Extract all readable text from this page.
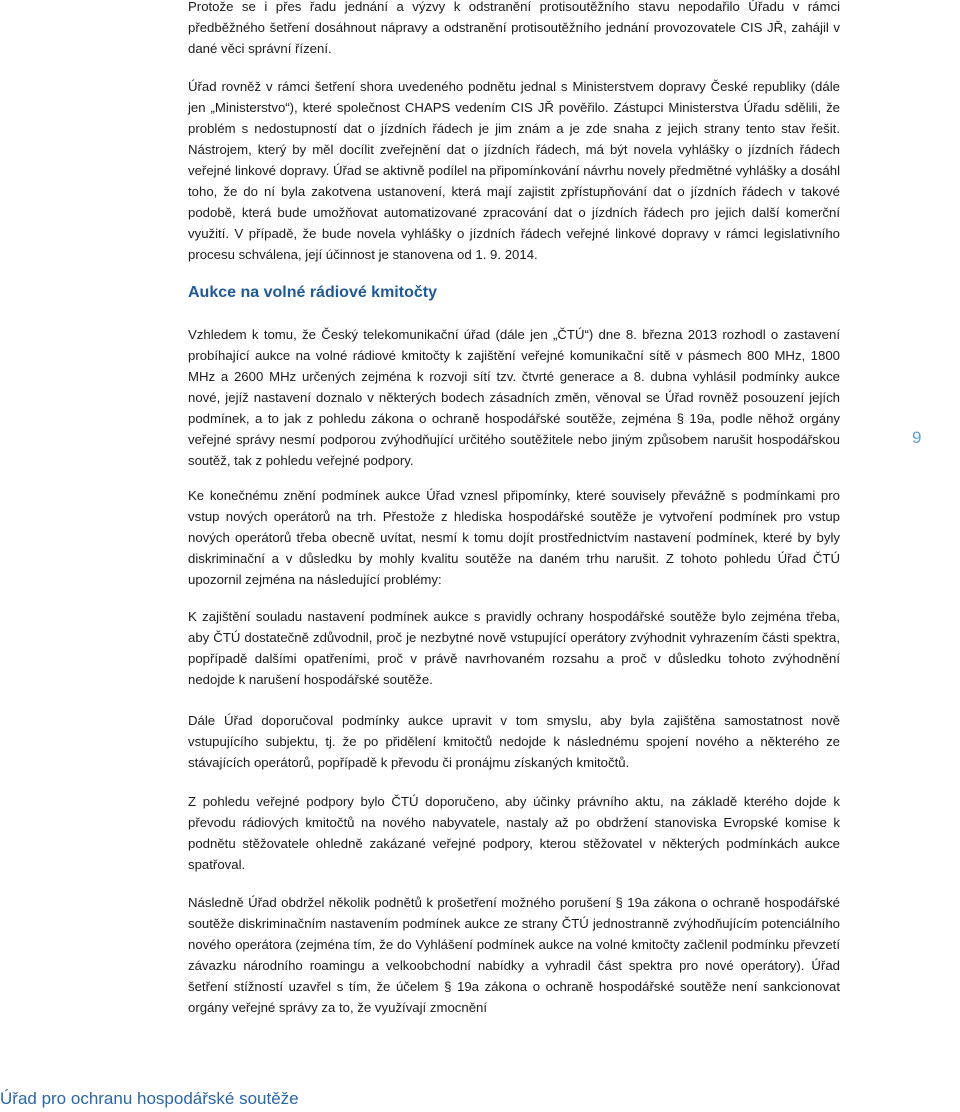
Protože se i přes řadu jednání a výzvy k odstranění protisoutěžního stavu nepodařilo Úřadu v rámci předběžného šetření dosáhnout nápravy a odstranění protisoutěžního jednání provozovatele CIS JŘ, zahájil v dané věci správní řízení.

Úřad rovněž v rámci šetření shora uvedeného podnětu jednal s Ministerstvem dopravy České republiky (dále jen „Ministerstvo“), které společnost CHAPS vedením CIS JŘ pověřilo. Zástupci Ministerstva Úřadu sdělili, že problém s nedostupností dat o jízdních řádech je jim znám a je zde snaha z jejich strany tento stav řešit. Nástrojem, který by měl docílit zveřejnění dat o jízdních řádech, má být novela vyhlášky o jízdních řádech veřejné linkové dopravy. Úřad se aktivně podílel na připomínkování návrhu novely předmětné vyhlášky a dosáhl toho, že do ní byla zakotvena ustanovení, která mají zajistit zpřístupňování dat o jízdních řádech v takové podobě, která bude umožňovat automatizované zpracování dat o jízdních řádech pro jejich další komerční využití. V případě, že bude novela vyhlášky o jízdních řádech veřejné linkové dopravy v rámci legislativního procesu schválena, její účinnost je stanovena od 1. 9. 2014.

Aukce na volné rádiové kmitočty

Vzhledem k tomu, že Český telekomunikační úřad (dále jen „ČTÚ“) dne 8. března 2013 rozhodl o zastavení probíhající aukce na volné rádiové kmitočty k zajištění veřejné komunikační sítě v pásmech 800 MHz, 1800 MHz a 2600 MHz určených zejména k rozvoji sítí tzv. čtvrté generace a 8. dubna vyhlásil podmínky aukce nové, jejíž nastavení doznalo v některých bodech zásadních změn, věnoval se Úřad rovněž posouzení jejích podmínek, a to jak z pohledu zákona o ochraně hospodářské soutěže, zejména § 19a, podle něhož orgány veřejné správy nesmí podporou zvýhodňující určitého soutěžitele nebo jiným způsobem narušit hospodářskou soutěž, tak z pohledu veřejné podpory.

Ke konečnému znění podmínek aukce Úřad vznesl připomínky, které souvisely převážně s podmínkami pro vstup nových operátorů na trh. Přestože z hlediska hospodářské soutěže je vytvoření podmínek pro vstup nových operátorů třeba obecně uvítat, nesmí k tomu dojít prostřednictvím nastavení podmínek, které by byly diskriminační a v důsledku by mohly kvalitu soutěže na daném trhu narušit. Z tohoto pohledu Úřad ČTÚ upozornil zejména na následující problémy:

K zajištění souladu nastavení podmínek aukce s pravidly ochrany hospodářské soutěže bylo zejména třeba, aby ČTÚ dostatečně zdůvodnil, proč je nezbytné nově vstupující operátory zvýhodnit vyhrazením části spektra, popřípadě dalšími opatřeními, proč v právě navrhovaném rozsahu a proč v důsledku tohoto zvýhodnění nedojde k narušení hospodářské soutěže.

Dále Úřad doporučoval podmínky aukce upravit v tom smyslu, aby byla zajištěna samostatnost nově vstupujícího subjektu, tj. že po přidělení kmitočtů nedojde k následnému spojení nového a některého ze stávajících operátorů, popřípadě k převodu či pronájmu získaných kmitočtů.

Z pohledu veřejné podpory bylo ČTÚ doporučeno, aby účinky právního aktu, na základě kterého dojde k převodu rádiových kmitočtů na nového nabyvatele, nastaly až po obdržení stanoviska Evropské komise k podnětu stěžovatele ohledně zakázané veřejné podpory, kterou stěžovatel v některých podmínkách aukce spatřoval.

Následně Úřad obdržel několik podnětů k prošetření možného porušení § 19a zákona o ochraně hospodářské soutěže diskriminačním nastavením podmínek aukce ze strany ČTÚ jednostranně zvýhodňujícím potenciálního nového operátora (zejména tím, že do Vyhlášení podmínek aukce na volné kmitočty začlenil podmínku převzetí závazku národního roamingu a velkoobchodní nabídky a vyhradil část spektra pro nové operátory). Úřad šetření stížností uzavřel s tím, že účelem § 19a zákona o ochraně hospodářské soutěže není sankcionovat orgány veřejné správy za to, že využívají zmocnění

9
Úřad pro ochranu hospodářské soutěže
